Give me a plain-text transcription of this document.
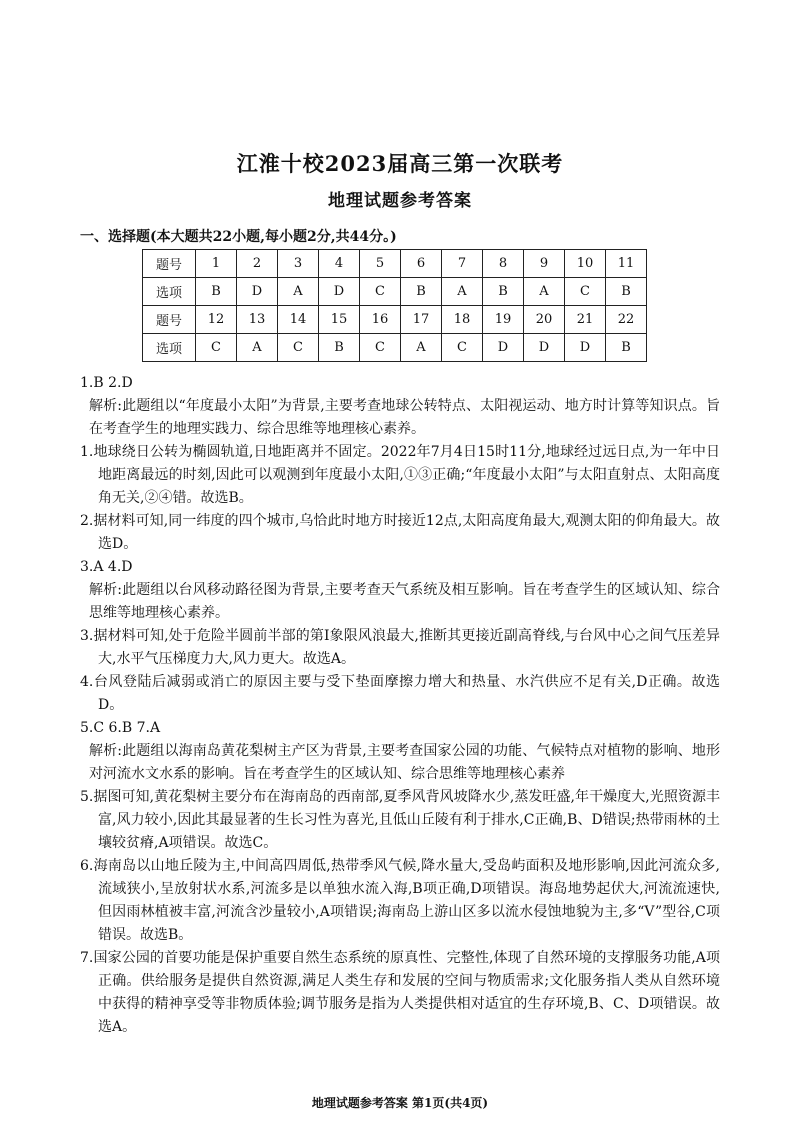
江淮十校2023届高三第一次联考
地理试题参考答案
一、选择题(本大题共22小题,每小题2分,共44分。)
题号	1	2	3	4	5	6	7	8	9	10	11
选项	B	D	A	D	C	B	A	B	A	C	B
题号	12	13	14	15	16	17	18	19	20	21	22
选项	C	A	C	B	C	A	C	D	D	D	B

1.B 2.D

解析:此题组以“年度最小太阳”为背景,主要考查地球公转特点、太阳视运动、地方时计算等知识点。旨在考查学生的地理实践力、综合思维等地理核心素养。

1.地球绕日公转为椭圆轨道,日地距离并不固定。2022年7月4日15时11分,地球经过远日点,为一年中日地距离最远的时刻,因此可以观测到年度最小太阳,①③正确;“年度最小太阳”与太阳直射点、太阳高度角无关,②④错。故选B。

2.据材料可知,同一纬度的四个城市,乌恰此时地方时接近12点,太阳高度角最大,观测太阳的仰角最大。故选D。

3.A 4.D

解析:此题组以台风移动路径图为背景,主要考查天气系统及相互影响。旨在考查学生的区域认知、综合思维等地理核心素养。

3.据材料可知,处于危险半圆前半部的第Ⅰ象限风浪最大,推断其更接近副高脊线,与台风中心之间气压差异大,水平气压梯度力大,风力更大。故选A。

4.台风登陆后减弱或消亡的原因主要与受下垫面摩擦力增大和热量、水汽供应不足有关,D正确。故选D。

5.C 6.B 7.A

解析:此题组以海南岛黄花梨树主产区为背景,主要考查国家公园的功能、气候特点对植物的影响、地形对河流水文水系的影响。旨在考查学生的区域认知、综合思维等地理核心素养

5.据图可知,黄花梨树主要分布在海南岛的西南部,夏季风背风坡降水少,蒸发旺盛,年干燥度大,光照资源丰富,风力较小,因此其最显著的生长习性为喜光,且低山丘陵有利于排水,C正确,B、D错误;热带雨林的土壤较贫瘠,A项错误。故选C。

6.海南岛以山地丘陵为主,中间高四周低,热带季风气候,降水量大,受岛屿面积及地形影响,因此河流众多,流域狭小,呈放射状水系,河流多是以单独水流入海,B项正确,D项错误。海岛地势起伏大,河流流速快,但因雨林植被丰富,河流含沙量较小,A项错误;海南岛上游山区多以流水侵蚀地貌为主,多“V”型谷,C项错误。故选B。

7.国家公园的首要功能是保护重要自然生态系统的原真性、完整性,体现了自然环境的支撑服务功能,A项正确。供给服务是提供自然资源,满足人类生存和发展的空间与物质需求;文化服务指人类从自然环境中获得的精神享受等非物质体验;调节服务是指为人类提供相对适宜的生存环境,B、C、D项错误。故选A。

地理试题参考答案 第1页(共4页)
